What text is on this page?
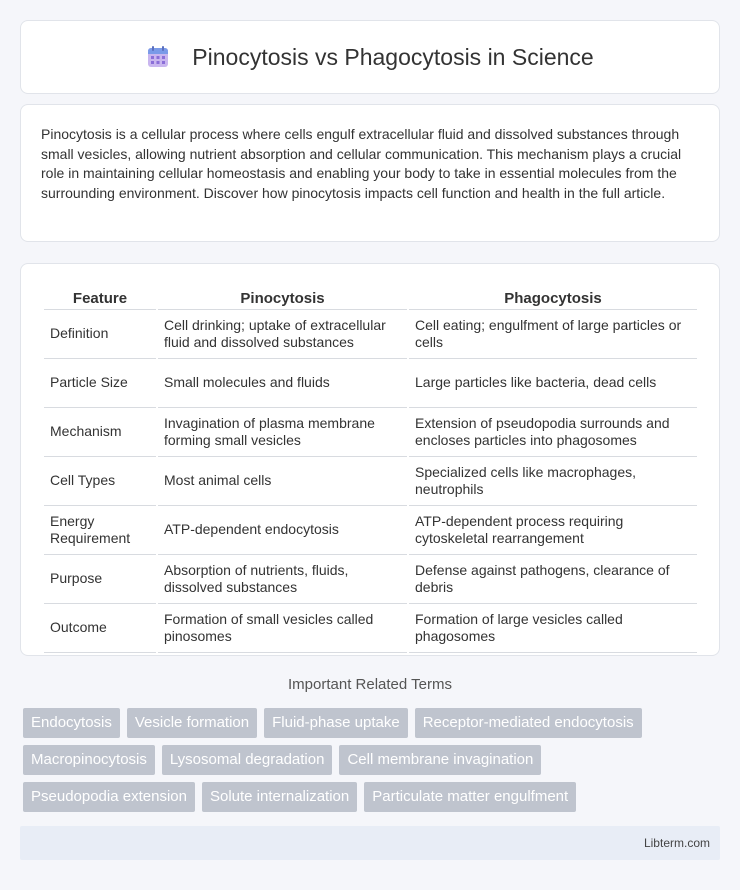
Pinocytosis vs Phagocytosis in Science

Pinocytosis is a cellular process where cells engulf extracellular fluid and dissolved substances through small vesicles, allowing nutrient absorption and cellular communication. This mechanism plays a crucial role in maintaining cellular homeostasis and enabling your body to take in essential molecules from the surrounding environment. Discover how pinocytosis impacts cell function and health in the full article.

Feature	Pinocytosis	Phagocytosis
Definition	Cell drinking; uptake of extracellular fluid and dissolved substances	Cell eating; engulfment of large particles or cells
Particle Size	Small molecules and fluids	Large particles like bacteria, dead cells
Mechanism	Invagination of plasma membrane forming small vesicles	Extension of pseudopodia surrounds and encloses particles into phagosomes
Cell Types	Most animal cells	Specialized cells like macrophages, neutrophils
Energy Requirement	ATP-dependent endocytosis	ATP-dependent process requiring cytoskeletal rearrangement
Purpose	Absorption of nutrients, fluids, dissolved substances	Defense against pathogens, clearance of debris
Outcome	Formation of small vesicles called pinosomes	Formation of large vesicles called phagosomes
Important Related Terms
Endocytosis	Vesicle formation	Fluid-phase uptake	Receptor-mediated endocytosis
Macropinocytosis	Lysosomal degradation	Cell membrane invagination
Pseudopodia extension	Solute internalization	Particulate matter engulfment
Libterm.com
